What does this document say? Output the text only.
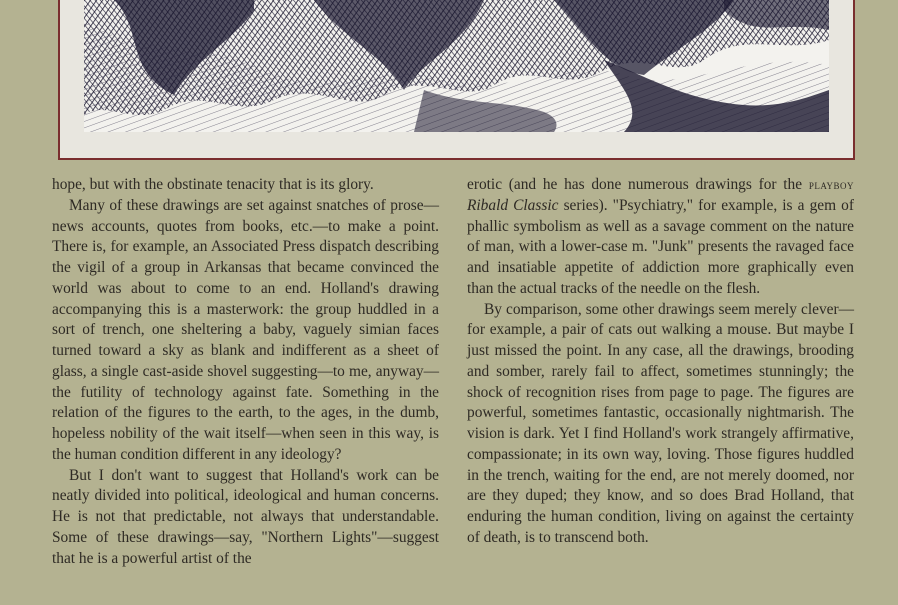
hope, but with the obstinate tenacity that is its glory.

Many of these drawings are set against snatches of prose—news accounts, quotes from books, etc.—to make a point. There is, for example, an Associated Press dispatch describing the vigil of a group in Arkansas that became convinced the world was about to come to an end. Holland's drawing accompanying this is a masterwork: the group huddled in a sort of trench, one sheltering a baby, vaguely simian faces turned toward a sky as blank and indifferent as a sheet of glass, a single cast-aside shovel suggesting—to me, anyway—the futility of technology against fate. Something in the relation of the figures to the earth, to the ages, in the dumb, hopeless nobility of the wait itself—when seen in this way, is the human condition different in any ideology?

But I don't want to suggest that Holland's work can be neatly divided into political, ideological and human concerns. He is not that predictable, not always that understandable. Some of these drawings—say, "Northern Lights"—suggest that he is a powerful artist of the

erotic (and he has done numerous drawings for the playboy Ribald Classic series). "Psychiatry," for example, is a gem of phallic symbolism as well as a savage comment on the nature of man, with a lower-case m. "Junk" presents the ravaged face and insatiable appetite of addiction more graphically even than the actual tracks of the needle on the flesh.

By comparison, some other drawings seem merely clever—for example, a pair of cats out walking a mouse. But maybe I just missed the point. In any case, all the drawings, brooding and somber, rarely fail to affect, sometimes stunningly; the shock of recognition rises from page to page. The figures are powerful, sometimes fantastic, occasionally nightmarish. The vision is dark. Yet I find Holland's work strangely affirmative, compassionate; in its own way, loving. Those figures huddled in the trench, waiting for the end, are not merely doomed, nor are they duped; they know, and so does Brad Holland, that enduring the human condition, living on against the certainty of death, is to transcend both.
